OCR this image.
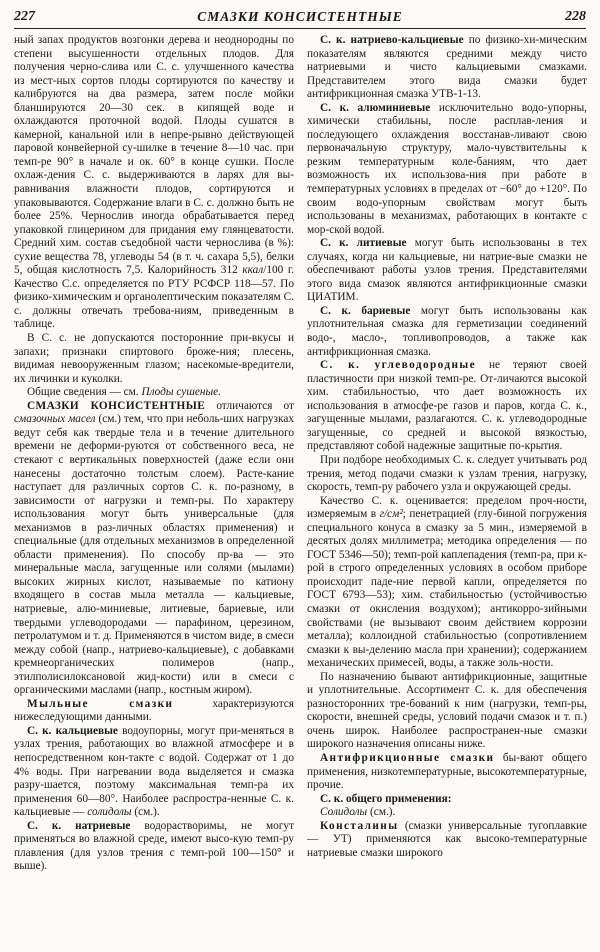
227	СМАЗКИ КОНСИСТЕНТНЫЕ	228

ный запах продуктов возгонки дерева и неоднородны по степени высушенности отдельных плодов. Для получения черно-слива или С. с. улучшенного качества из мест-ных сортов плоды сортируются по качеству и калибруются на два размера, затем после мойки бланшируются 20—30 сек. в кипящей воде и охлаждаются проточной водой. Плоды сушатся в камерной, канальной или в непре-рывно действующей паровой конвейерной су-шилке в течение 8—10 час. при темп-ре 90° в начале и ок. 60° в конце сушки. После охлаж-дения С. с. выдерживаются в ларях для вы-равнивания влажности плодов, сортируются и упаковываются. Содержание влаги в С. с. должно быть не более 25%. Чернослив иногда обрабатывается перед упаковкой глицерином для придания ему глянцеватости. Средний хим. состав съедобной части чернослива (в %): сухие вещества 78, углеводы 54 (в т. ч. сахара 5,5), белки 5, общая кислотность 7,5. Калорийность 312 ккал/100 г. Качество С.с. определяется по РТУ РСФСР 118—57. По физико-химическим и органолептическим показателям С. с. должны отвечать требова-ниям, приведенным в таблице.

В С. с. не допускаются посторонние при-вкусы и запахи; признаки спиртового броже-ния; плесень, видимая невооруженным глазом; насекомые-вредители, их личинки и куколки.

Общие сведения — см. Плоды сушеные.

СМАЗКИ КОНСИСТЕНТНЫЕ отличаются от смазочных масел (см.) тем, что при неболь-ших нагрузках ведут себя как твердые тела и в течение длительного времени не деформи-руются от собственного веса, не стекают с вертикальных поверхностей (даже если они нанесены достаточно толстым слоем). Расте-кание наступает для различных сортов С. к. по-разному, в зависимости от нагрузки и темп-ры. По характеру использования могут быть универсальные (для механизмов в раз-личных областях применения) и специальные (для отдельных механизмов в определенной области применения). По способу пр-ва — это минеральные масла, загущенные или солями (мылами) высоких жирных кислот, называемые по катиону входящего в состав мыла металла — кальциевые, натриевые, алю-миниевые, литиевые, бариевые, или твердыми углеводородами — парафином, церезином, петролатумом и т. д. Применяются в чистом виде, в смеси между собой (напр., натриево-кальциевые), с добавками кремнеорганических полимеров (напр., этилполисилоксановой жид-кости) или в смеси с органическими маслами (напр., костным жиром).

Мыльные смазки	характеризуются нижеследующими данными.

С. к. кальциевые водоупорны, могут при-меняться в узлах трения, работающих во влажной атмосфере и в непосредственном кон-такте с водой. Содержат от 1 до 4% воды. При нагревании вода выделяется и смазка разру-шается, поэтому максимальная темп-ра их применения 60—80°. Наиболее распростра-ненные С. к. кальциевые — солидолы (см.).

С. к. натриевые водорастворимы, не могут применяться во влажной среде, имеют высо-кую темп-ру плавления (для узлов трения с темп-рой 100—150° и выше).

С. к. натриево-кальциевые по физико-хи-мическим показателям являются средними между чисто натриевыми и чисто кальциевыми смазками. Представителем этого вида смазки будет антифрикционная смазка УТВ-1-13.

С. к. алюминиевые исключительно водо-упорны, химически стабильны, после расплав-ления и последующего охлаждения восстанав-ливают свою первоначальную структуру, мало-чувствительны к резким температурным коле-баниям, что дает возможность их использова-ния при работе в температурных условиях в пределах от −60° до +120°. По своим водо-упорным свойствам могут быть использованы в механизмах, работающих в контакте с мор-ской водой.

С. к. литиевые могут быть использованы в тех случаях, когда ни кальциевые, ни натрие-вые смазки не обеспечивают работы узлов трения. Представителями этого вида смазок являются антифрикционные смазки ЦИАТИМ.

С. к. бариевые могут быть использованы как уплотнительная смазка для герметизации соединений водо-, масло-, топливопроводов, а также как антифрикционная смазка.

С. к. углеводородные не теряют своей пластичности при низкой темп-ре. От-личаются высокой хим. стабильностью, что дает возможность их использования в атмосфе-ре газов и паров, когда С. к., загущенные мылами, разлагаются. С. к. углеводородные загущенные, со средней и высокой вязкостью, представляют собой надежные защитные по-крытия.

При подборе необходимых С. к. следует учитывать род трения, метод подачи смазки к узлам трения, нагрузку, скорость, темп-ру рабочего узла и окружающей среды.

Качество С. к. оценивается: пределом проч-ности, измеряемым в г/см²; пенетрацией (глу-биной погружения специального конуса в смазку за 5 мин., измеряемой в десятых долях миллиметра; методика определения — по ГОСТ 5346—50); темп-рой каплепадения (темп-ра, при к-рой в строго определенных условиях в особом приборе происходит паде-ние первой капли, определяется по ГОСТ 6793—53); хим. стабильностью (устойчивостью смазки от окисления воздухом); антикорро-зийными свойствами (не вызывают своим действием коррозии металла); коллоидной стабильностью (сопротивлением смазки к вы-делению масла при хранении); содержанием механических примесей, воды, а также золь-ности.

По назначению бывают антифрикционные, защитные и уплотнительные. Ассортимент С. к. для обеспечения разносторонних тре-бований к ним (нагрузки, темп-ры, скорости, внешней среды, условий подачи смазок и т. п.) очень широк. Наиболее распространен-ные смазки широкого назначения описаны ниже.

Антифрикционные смазки бы-вают общего применения, низкотемпературные, высокотемпературные, прочие.

С. к. общего применения:

Солидолы (см.).

Консталины (смазки универсальные тугоплавкие — УТ) применяются как высоко-температурные натриевые смазки широкого
